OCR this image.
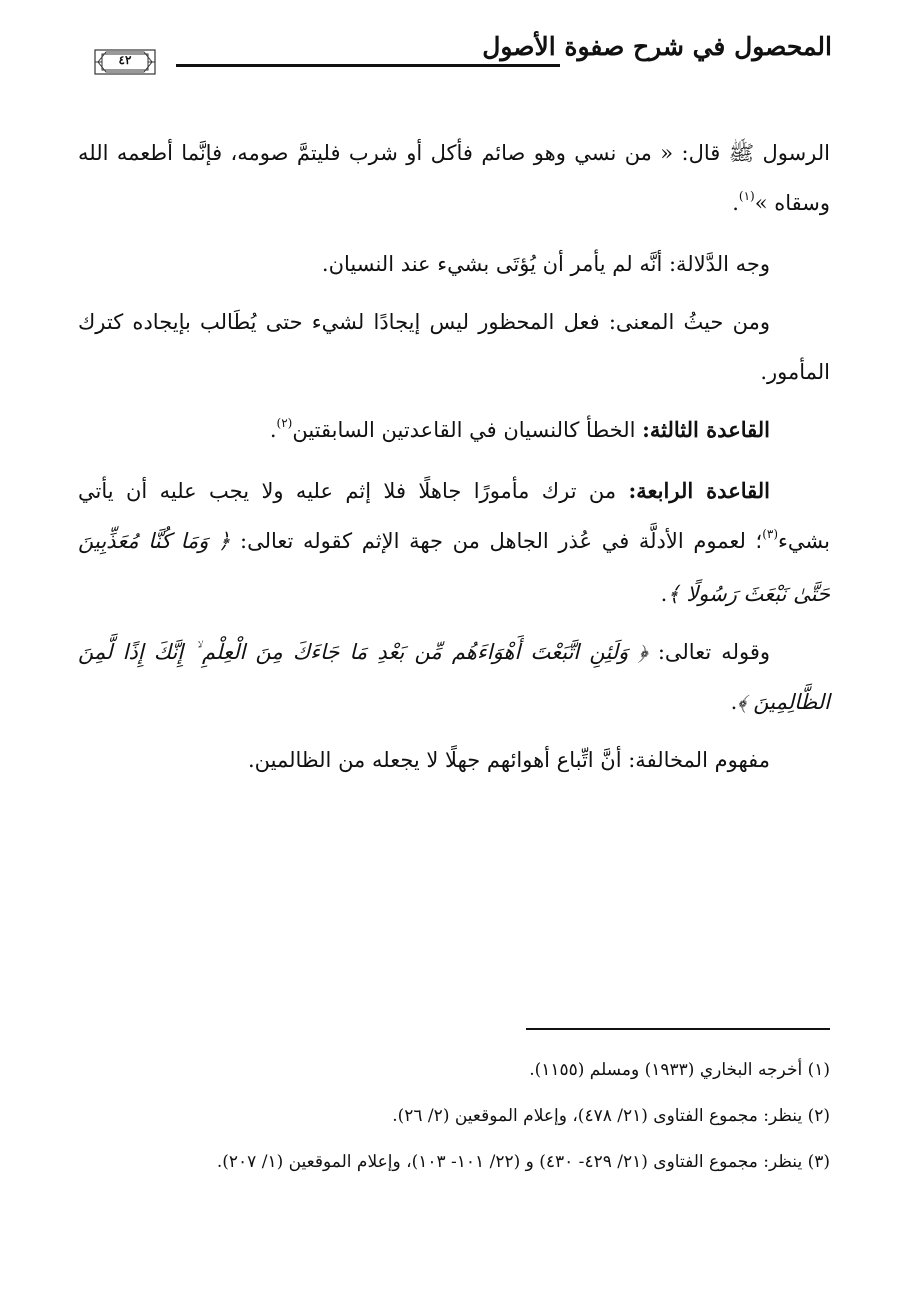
المحصول في شرح صفوة الأصول
٤٢

الرسول ﷺ قال: « من نسي وهو صائم فأكل أو شرب فليتمَّ صومه، فإنَّما أطعمه الله وسقاه »$^{(١)}$.

وجه الدَّلالة: أنَّه لم يأمر أن يُؤتَى بشيء عند النسيان.

ومن حيثُ المعنى: فعل المحظور ليس إيجادًا لشيء حتى يُطَالب بإيجاده كترك المأمور.

القاعدة الثالثة: الخطأ كالنسيان في القاعدتين السابقتين$^{(٢)}$.

القاعدة الرابعة: من ترك مأمورًا جاهلًا فلا إثم عليه ولا يجب عليه أن يأتي بشيء$^{(٣)}$؛ لعموم الأدلَّة في عُذر الجاهل من جهة الإثم كقوله تعالى: ﴿ وَمَا كُنَّا مُعَذِّبِينَ حَتَّىٰ نَبْعَثَ رَسُولًا ﴾.

وقوله تعالى: ﴿ وَلَئِنِ اتَّبَعْتَ أَهْوَاءَهُم مِّن بَعْدِ مَا جَاءَكَ مِنَ الْعِلْمِ ۙ إِنَّكَ إِذًا لَّمِنَ الظَّالِمِينَ ﴾.

مفهوم المخالفة: أنَّ اتِّباع أهوائهم جهلًا لا يجعله من الظالمين.

(١) أخرجه البخاري (١٩٣٣) ومسلم (١١٥٥).

(٢) ينظر: مجموع الفتاوى (٢١/ ٤٧٨)، وإعلام الموقعين (٢/ ٢٦).

(٣) ينظر: مجموع الفتاوى (٢١/ ٤٢٩- ٤٣٠) و (٢٢/ ١٠١- ١٠٣)، وإعلام الموقعين (١/ ٢٠٧).
